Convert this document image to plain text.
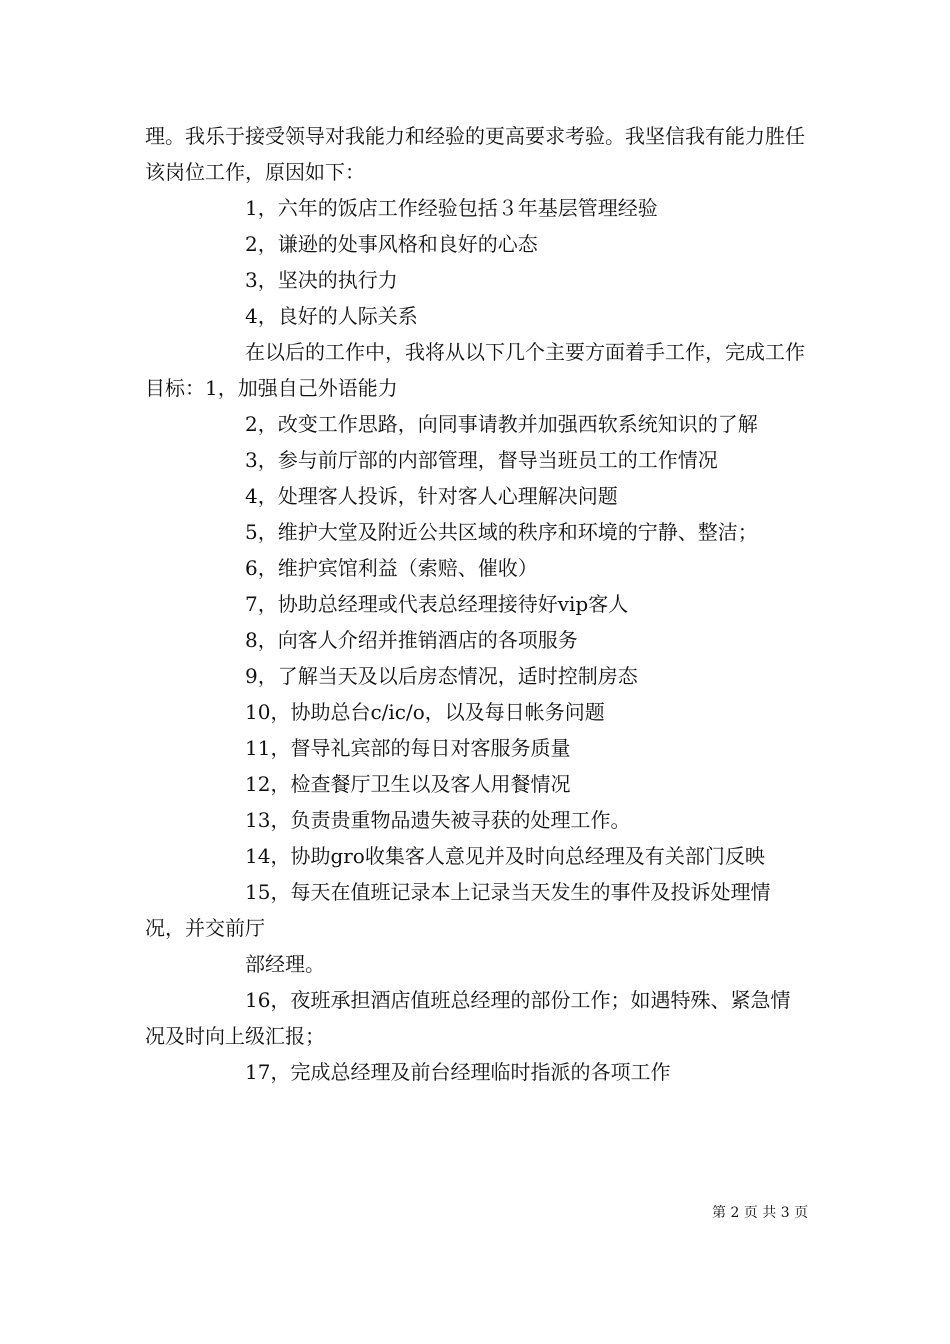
理。我乐于接受领导对我能力和经验的更高要求考验。我坚信我有能力胜任该岗位工作，原因如下：

1，六年的饭店工作经验包括３年基层管理经验

2，谦逊的处事风格和良好的心态

3，坚决的执行力

4，良好的人际关系

在以后的工作中，我将从以下几个主要方面着手工作，完成工作目标：1，加强自己外语能力

2，改变工作思路，向同事请教并加强西软系统知识的了解

3，参与前厅部的内部管理，督导当班员工的工作情况

4，处理客人投诉，针对客人心理解决问题

5，维护大堂及附近公共区域的秩序和环境的宁静、整洁；

6，维护宾馆利益（索赔、催收）

7，协助总经理或代表总经理接待好vip客人

8，向客人介绍并推销酒店的各项服务

9，了解当天及以后房态情况，适时控制房态

10，协助总台c/ic/o，以及每日帐务问题

11，督导礼宾部的每日对客服务质量

12，检查餐厅卫生以及客人用餐情况

13，负责贵重物品遗失被寻获的处理工作。

14，协助gro收集客人意见并及时向总经理及有关部门反映

15，每天在值班记录本上记录当天发生的事件及投诉处理情况，并交前厅

部经理。

16，夜班承担酒店值班总经理的部份工作；如遇特殊、紧急情况及时向上级汇报；

17，完成总经理及前台经理临时指派的各项工作

第 2 页 共 3 页
